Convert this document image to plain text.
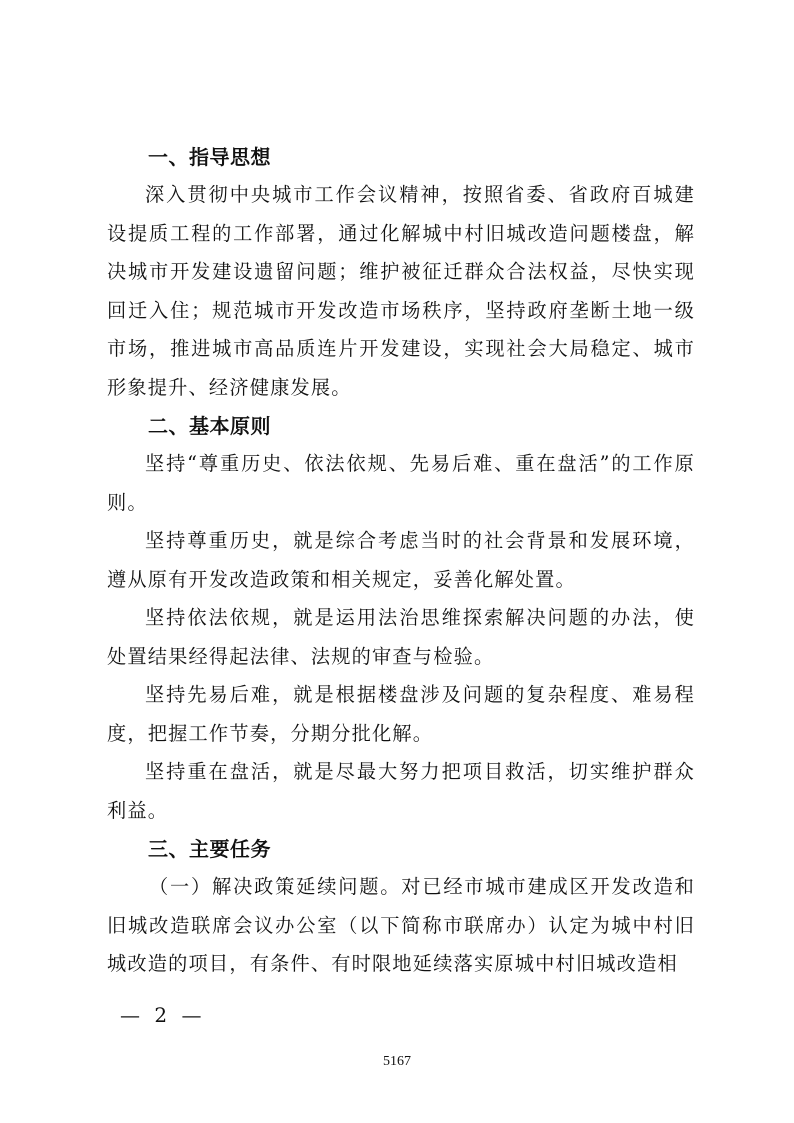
一、指导思想

深入贯彻中央城市工作会议精神，按照省委、省政府百城建设提质工程的工作部署，通过化解城中村旧城改造问题楼盘，解决城市开发建设遗留问题；维护被征迁群众合法权益，尽快实现回迁入住；规范城市开发改造市场秩序，坚持政府垄断土地一级市场，推进城市高品质连片开发建设，实现社会大局稳定、城市形象提升、经济健康发展。

二、基本原则

坚持“尊重历史、依法依规、先易后难、重在盘活”的工作原则。

坚持尊重历史，就是综合考虑当时的社会背景和发展环境，遵从原有开发改造政策和相关规定，妥善化解处置。

坚持依法依规，就是运用法治思维探索解决问题的办法，使处置结果经得起法律、法规的审查与检验。

坚持先易后难，就是根据楼盘涉及问题的复杂程度、难易程度，把握工作节奏，分期分批化解。

坚持重在盘活，就是尽最大努力把项目救活，切实维护群众利益。

三、主要任务

（一）解决政策延续问题。对已经市城市建成区开发改造和旧城改造联席会议办公室（以下简称市联席办）认定为城中村旧城改造的项目，有条件、有时限地延续落实原城中村旧城改造相

— 2 —
5167
